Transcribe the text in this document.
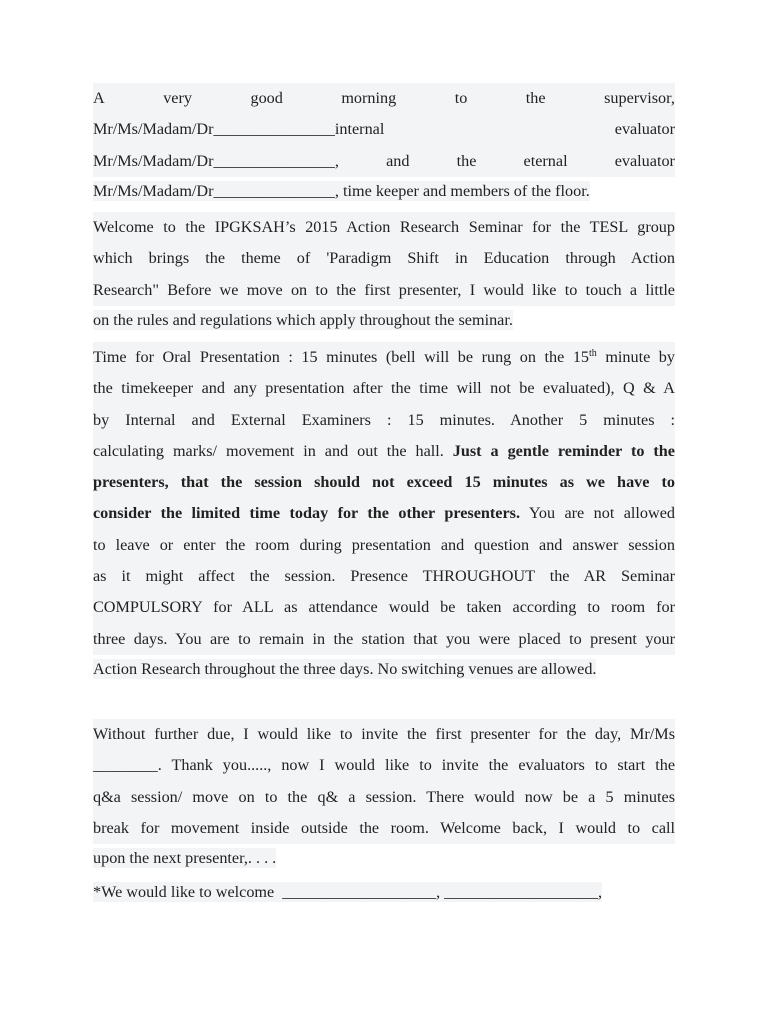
A	very	good	morning	to	the	supervisor,
Mr/Ms/Madam/Dr_______________internal	evaluator
Mr/Ms/Madam/Dr_______________,	and	the	eternal	evaluator
Mr/Ms/Madam/Dr_______________, time keeper and members of the floor.
Welcome to the IPGKSAH’s 2015 Action Research Seminar for the TESL group
which brings the theme of 'Paradigm Shift in Education through Action
Research" Before we move on to the first presenter, I would like to touch a little
on the rules and regulations which apply throughout the seminar.
Time for Oral Presentation : 15 minutes (bell will be rung on the 15th minute by
the timekeeper and any presentation after the time will not be evaluated), Q & A
by Internal and External Examiners : 15 minutes. Another 5 minutes :
calculating marks/ movement in and out the hall. Just a gentle reminder to the
presenters, that the session should not exceed 15 minutes as we have to
consider the limited time today for the other presenters. You are not allowed
to leave or enter the room during presentation and question and answer session
as it might affect the session. Presence THROUGHOUT the AR Seminar
COMPULSORY for ALL as attendance would be taken according to room for
three days. You are to remain in the station that you were placed to present your
Action Research throughout the three days. No switching venues are allowed.
Without further due, I would like to invite the first presenter for the day, Mr/Ms
________. Thank you....., now I would like to invite the evaluators to start the
q&a session/ move on to the q& a session. There would now be a 5 minutes
break for movement inside outside the room. Welcome back, I would to call
upon the next presenter,. . . .
*We would like to welcome  ___________________, ___________________,
